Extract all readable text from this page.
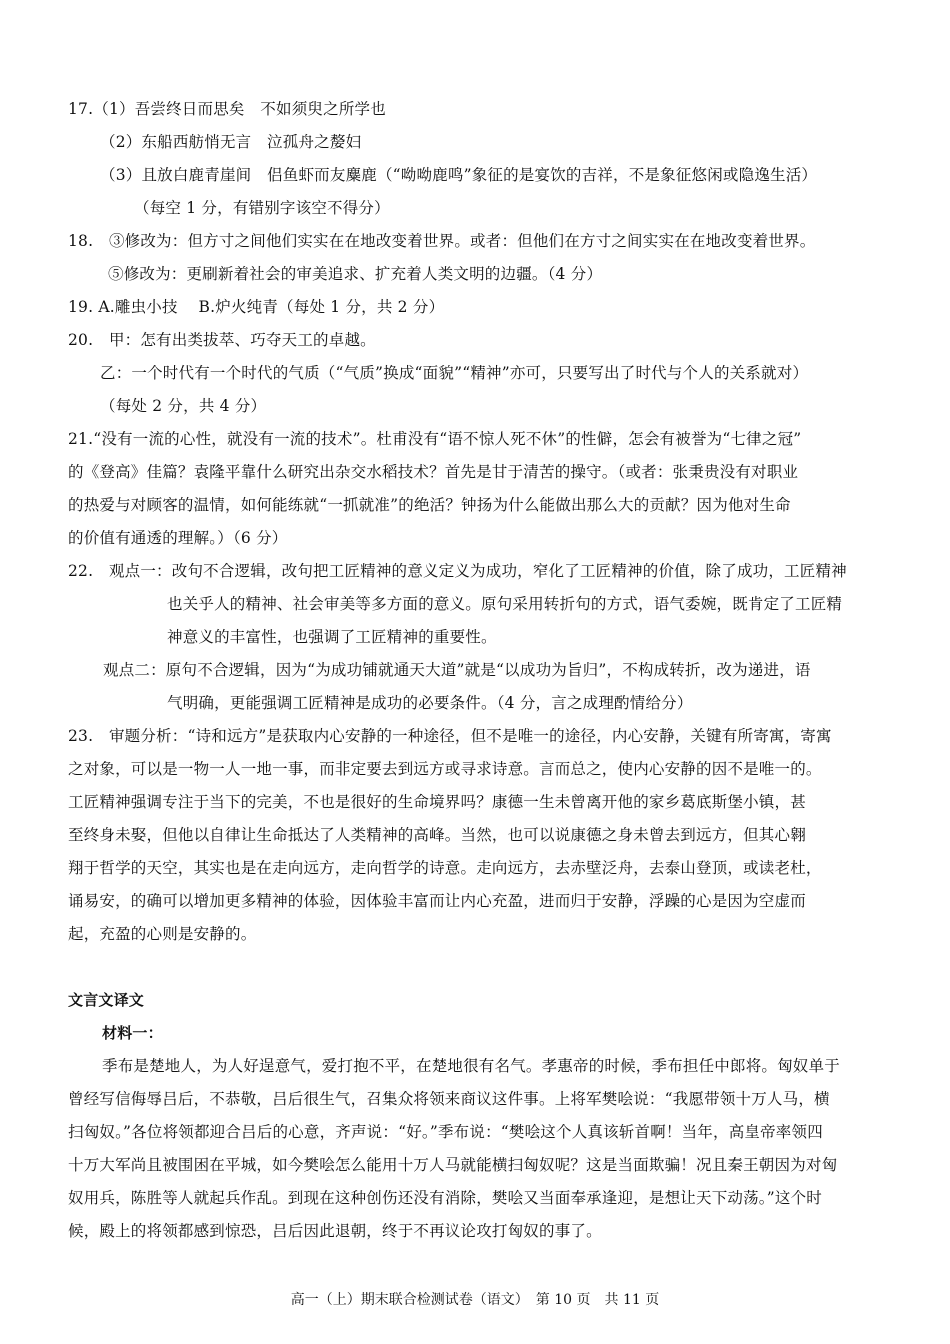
17.（1）吾尝终日而思矣　不如须臾之所学也
（2）东船西舫悄无言　泣孤舟之嫠妇
（3）且放白鹿青崖间　侣鱼虾而友麋鹿（“呦呦鹿鸣”象征的是宴饮的吉祥，不是象征悠闲或隐逸生活）
（每空 1 分，有错别字该空不得分）
18.　③修改为：但方寸之间他们实实在在地改变着世界。或者：但他们在方寸之间实实在在地改变着世界。
⑤修改为：更刷新着社会的审美追求、扩充着人类文明的边疆。（4 分）
19. A.雕虫小技　 B.炉火纯青（每处 1 分，共 2 分）
20.　甲：怎有出类拔萃、巧夺天工的卓越。
乙：一个时代有一个时代的气质（“气质”换成“面貌”“精神”亦可，只要写出了时代与个人的关系就对）
（每处 2 分，共 4 分）
21.“没有一流的心性，就没有一流的技术”。杜甫没有“语不惊人死不休”的性僻，怎会有被誉为“七律之冠”
的《登高》佳篇？袁隆平靠什么研究出杂交水稻技术？首先是甘于清苦的操守。（或者：张秉贵没有对职业
的热爱与对顾客的温情，如何能练就“一抓就准”的绝活？钟扬为什么能做出那么大的贡献？因为他对生命
的价值有通透的理解。）（6 分）
22.　观点一：改句不合逻辑，改句把工匠精神的意义定义为成功，窄化了工匠精神的价值，除了成功，工匠精神
也关乎人的精神、社会审美等多方面的意义。原句采用转折句的方式，语气委婉，既肯定了工匠精
神意义的丰富性，也强调了工匠精神的重要性。
观点二：原句不合逻辑，因为“为成功铺就通天大道”就是“以成功为旨归”，不构成转折，改为递进，语
气明确，更能强调工匠精神是成功的必要条件。（4 分，言之成理酌情给分）
23.　审题分析：“诗和远方”是获取内心安静的一种途径，但不是唯一的途径，内心安静，关键有所寄寓，寄寓
之对象，可以是一物一人一地一事，而非定要去到远方或寻求诗意。言而总之，使内心安静的因不是唯一的。
工匠精神强调专注于当下的完美，不也是很好的生命境界吗？康德一生未曾离开他的家乡葛底斯堡小镇，甚
至终身未娶，但他以自律让生命抵达了人类精神的高峰。当然，也可以说康德之身未曾去到远方，但其心翱
翔于哲学的天空，其实也是在走向远方，走向哲学的诗意。走向远方，去赤壁泛舟，去泰山登顶，或读老杜，
诵易安，的确可以增加更多精神的体验，因体验丰富而让内心充盈，进而归于安静，浮躁的心是因为空虚而
起，充盈的心则是安静的。
文言文译文
材料一：
季布是楚地人，为人好逞意气，爱打抱不平，在楚地很有名气。孝惠帝的时候，季布担任中郎将。匈奴单于
曾经写信侮辱吕后，不恭敬，吕后很生气，召集众将领来商议这件事。上将军樊哙说：“我愿带领十万人马，横
扫匈奴。”各位将领都迎合吕后的心意，齐声说：“好。”季布说：“樊哙这个人真该斩首啊！当年，高皇帝率领四
十万大军尚且被围困在平城，如今樊哙怎么能用十万人马就能横扫匈奴呢？这是当面欺骗！况且秦王朝因为对匈
奴用兵，陈胜等人就起兵作乱。到现在这种创伤还没有消除，樊哙又当面奉承逢迎，是想让天下动荡。”这个时
候，殿上的将领都感到惊恐，吕后因此退朝，终于不再议论攻打匈奴的事了。
高一（上）期末联合检测试卷（语文）　第 10 页　共 11 页
